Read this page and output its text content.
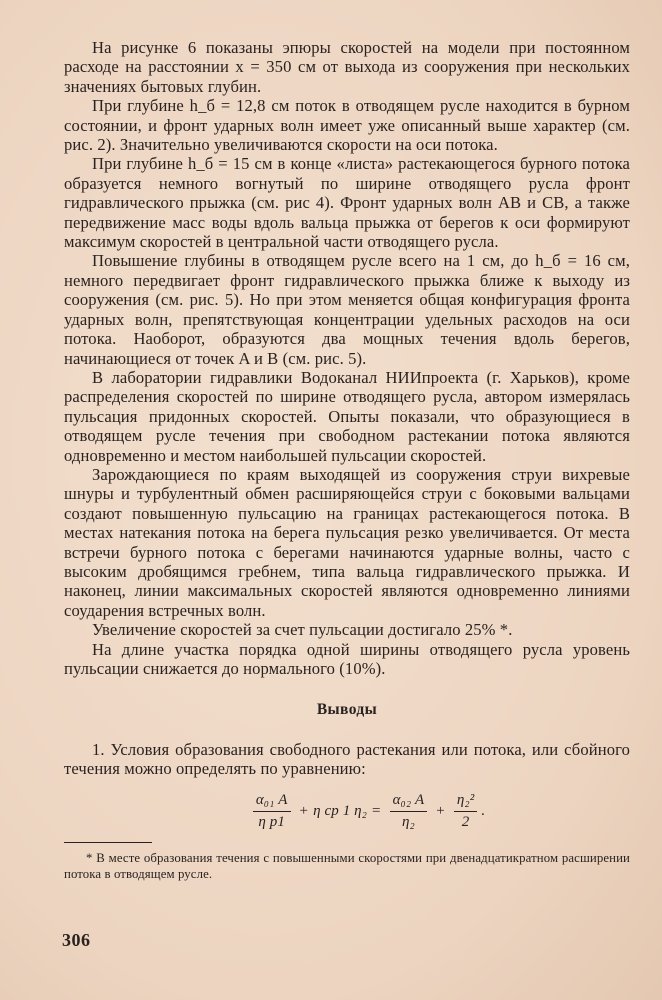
На рисунке 6 показаны эпюры скоростей на модели при постоянном расходе на расстоянии x = 350 см от выхода из сооружения при нескольких значениях бытовых глубин.

При глубине h_б = 12,8 см поток в отводящем русле находится в бурном состоянии, и фронт ударных волн имеет уже описанный выше характер (см. рис. 2). Значительно увеличиваются скорости на оси потока.

При глубине h_б = 15 см в конце «листа» растекающегося бурного потока образуется немного вогнутый по ширине отводящего русла фронт гидравлического прыжка (см. рис 4). Фронт ударных волн AB и CB, а также передвижение масс воды вдоль вальца прыжка от берегов к оси формируют максимум скоростей в центральной части отводящего русла.

Повышение глубины в отводящем русле всего на 1 см, до h_б = 16 см, немного передвигает фронт гидравлического прыжка ближе к выходу из сооружения (см. рис. 5). Но при этом меняется общая конфигурация фронта ударных волн, препятствующая концентрации удельных расходов на оси потока. Наоборот, образуются два мощных течения вдоль берегов, начинающиеся от точек A и B (см. рис. 5).

В лаборатории гидравлики Водоканал НИИпроекта (г. Харьков), кроме распределения скоростей по ширине отводящего русла, автором измерялась пульсация придонных скоростей. Опыты показали, что образующиеся в отводящем русле течения при свободном растекании потока являются одновременно и местом наибольшей пульсации скоростей.

Зарождающиеся по краям выходящей из сооружения струи вихревые шнуры и турбулентный обмен расширяющейся струи с боковыми вальцами создают повышенную пульсацию на границах растекающегося потока. В местах натекания потока на берега пульсация резко увеличивается. От места встречи бурного потока с берегами начинаются ударные волны, часто с высоким дробящимся гребнем, типа вальца гидравлического прыжка. И наконец, линии максимальных скоростей являются одновременно линиями соударения встречных волн.

Увеличение скоростей за счет пульсации достигало 25% *.

На длине участка порядка одной ширины отводящего русла уровень пульсации снижается до нормального (10%).

Выводы

1. Условия образования свободного растекания или потока, или сбойного течения можно определять по уравнению:

$\frac{\text{α₀₁ A}}{\text{η р1}} + \eta$ ср 1 $\eta_2 = \frac{\text{α₀₂ A}}{\text{η₂}} + \frac{\text{η₂²}}{2}$ .

* В месте образования течения с повышенными скоростями при двенадцатикратном расширении потока в отводящем русле.

306
